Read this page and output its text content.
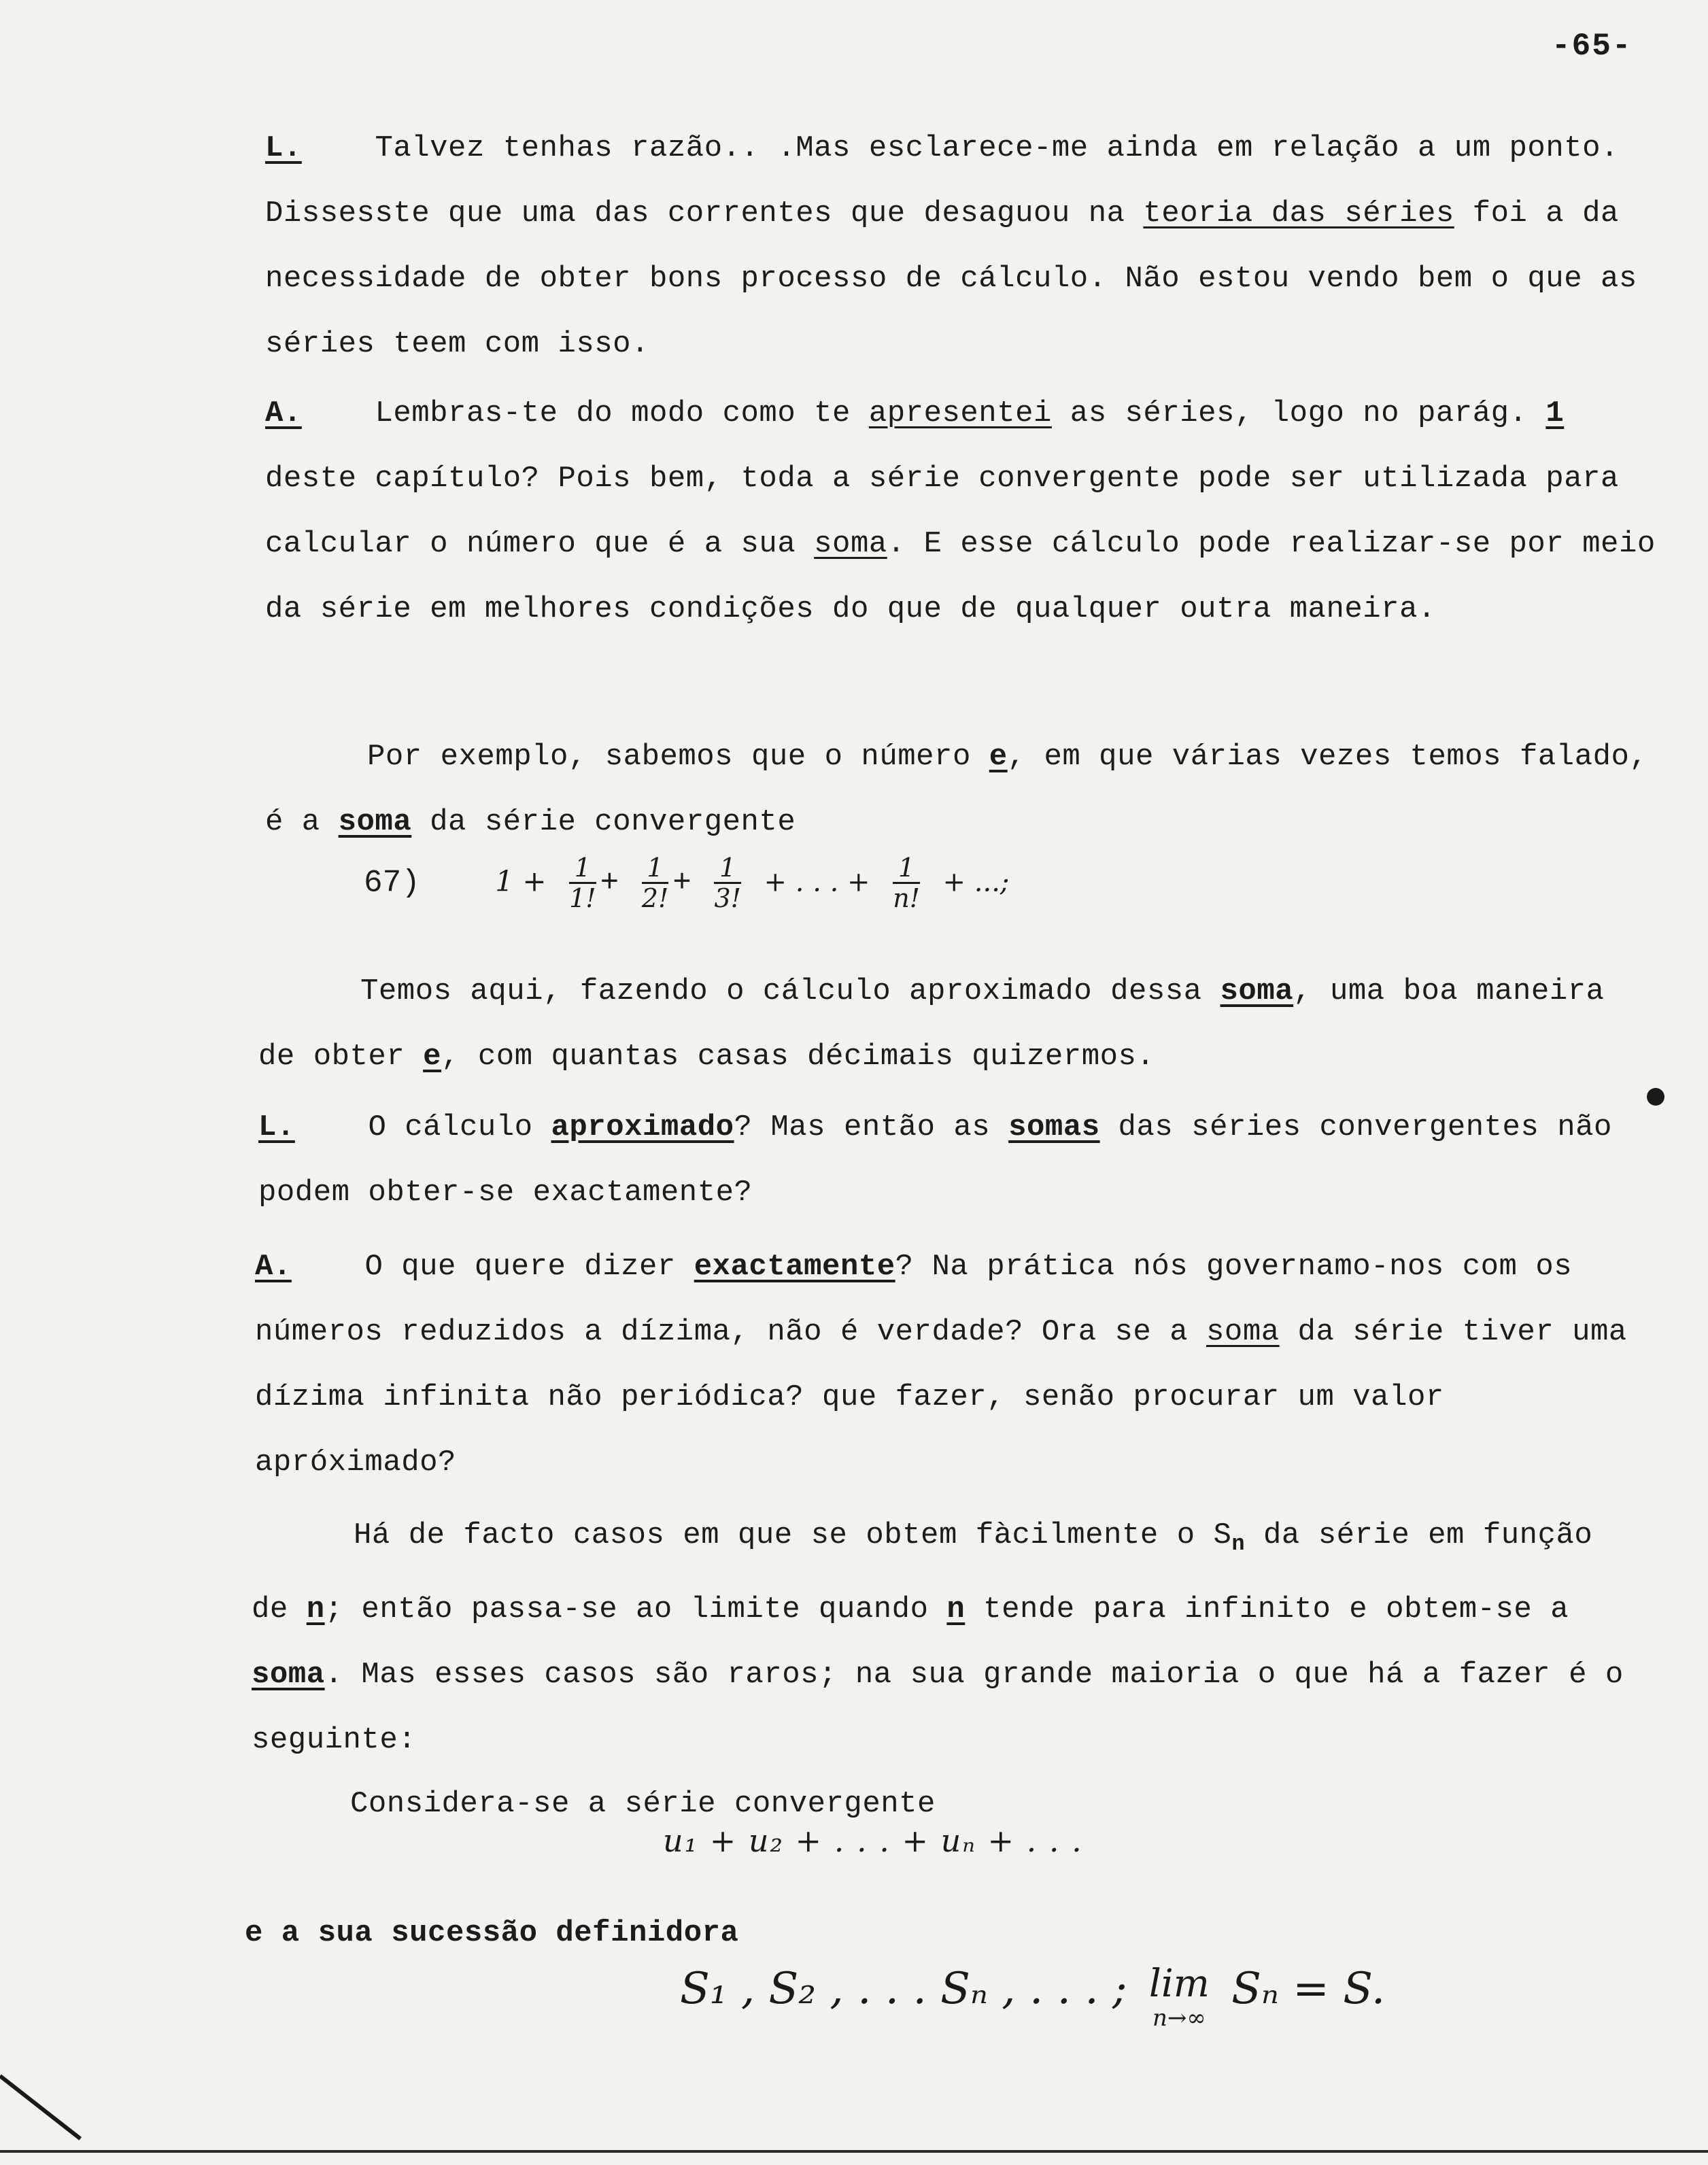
-65-
L. Talvez tenhas razão.. .Mas esclarece-me ainda em relação a um ponto. Dissesste que uma das correntes que desaguou na teoria das séries foi a da necessidade de obter bons processo de cálculo. Não estou vendo bem o que as séries teem com isso.
A. Lembras-te do modo como te apresentei as séries, logo no parág. 1 deste capítulo? Pois bem, toda a série convergente pode ser utilizada para calcular o número que é a sua soma. E esse cálculo pode realizar-se por meio da série em melhores condições do que de qualquer outra maneira.
Por exemplo, sabemos que o número e, em que várias vezes temos falado, é a soma da série convergente
67)	$1 + \frac{1}{1!} + \frac{1}{2!} + \frac{1}{3!}$ + . . . + $\frac{1}{n!}$ + ...;
Temos aqui, fazendo o cálculo aproximado dessa soma, uma boa maneira de obter e, com quantas casas décimais quizermos.
L. O cálculo aproximado? Mas então as somas das séries convergentes não podem obter-se exactamente?
A. O que quere dizer exactamente? Na prática nós governamo-nos com os números reduzidos a dízima, não é verdade? Ora se a soma da série tiver uma dízima infinita não periódica? que fazer, senão procurar um valor apróximado?
Há de facto casos em que se obtem fàcilmente o $S_n$ da série em função de n; então passa-se ao limite quando n tende para infinito e obtem-se a soma. Mas esses casos são raros; na sua grande maioria o que há a fazer é o seguinte:
Considera-se a série convergente
u₁ + u₂ + . . . + uₙ + . . .
e a sua sucessão definidora
S₁ , S₂ , . . . Sₙ , . . . ; lim
n→∞
Sₙ = S.
